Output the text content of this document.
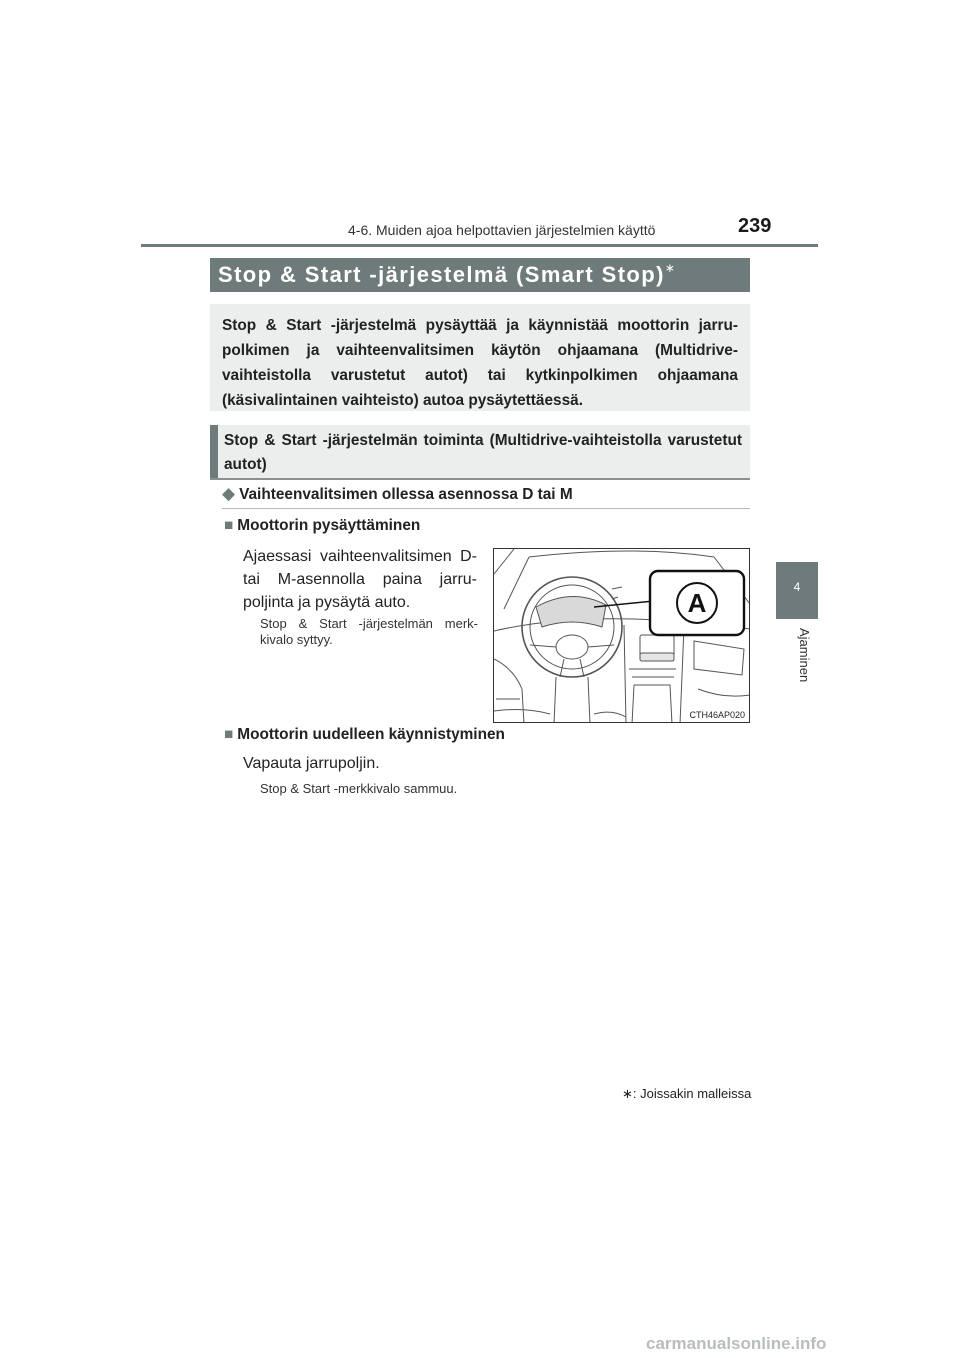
4-6. Muiden ajoa helpottavien järjestelmien käyttö	239
4
Ajaminen
Stop & Start -järjestelmä (Smart Stop)∗
Stop & Start -järjestelmä pysäyttää ja käynnistää moottorin jarru-polkimen ja vaihteenvalitsimen käytön ohjaamana (Multidrive-vaihteistolla varustetut autot) tai kytkinpolkimen ohjaamana (käsivalintainen vaihteisto) autoa pysäytettäessä.
Stop & Start -järjestelmän toiminta (Multidrive-vaihteistolla varustetut autot)
◆ Vaihteenvalitsimen ollessa asennossa D tai M
■ Moottorin pysäyttäminen
Ajaessasi vaihteenvalitsimen D- tai M-asennolla paina jarru-poljinta ja pysäytä auto.
Stop & Start -järjestelmän merk-kivalo syttyy.
A
CTH46AP020
■ Moottorin uudelleen käynnistyminen
Vapauta jarrupoljin.
Stop & Start -merkkivalo sammuu.
∗: Joissakin malleissa
carmanualsonline.info
